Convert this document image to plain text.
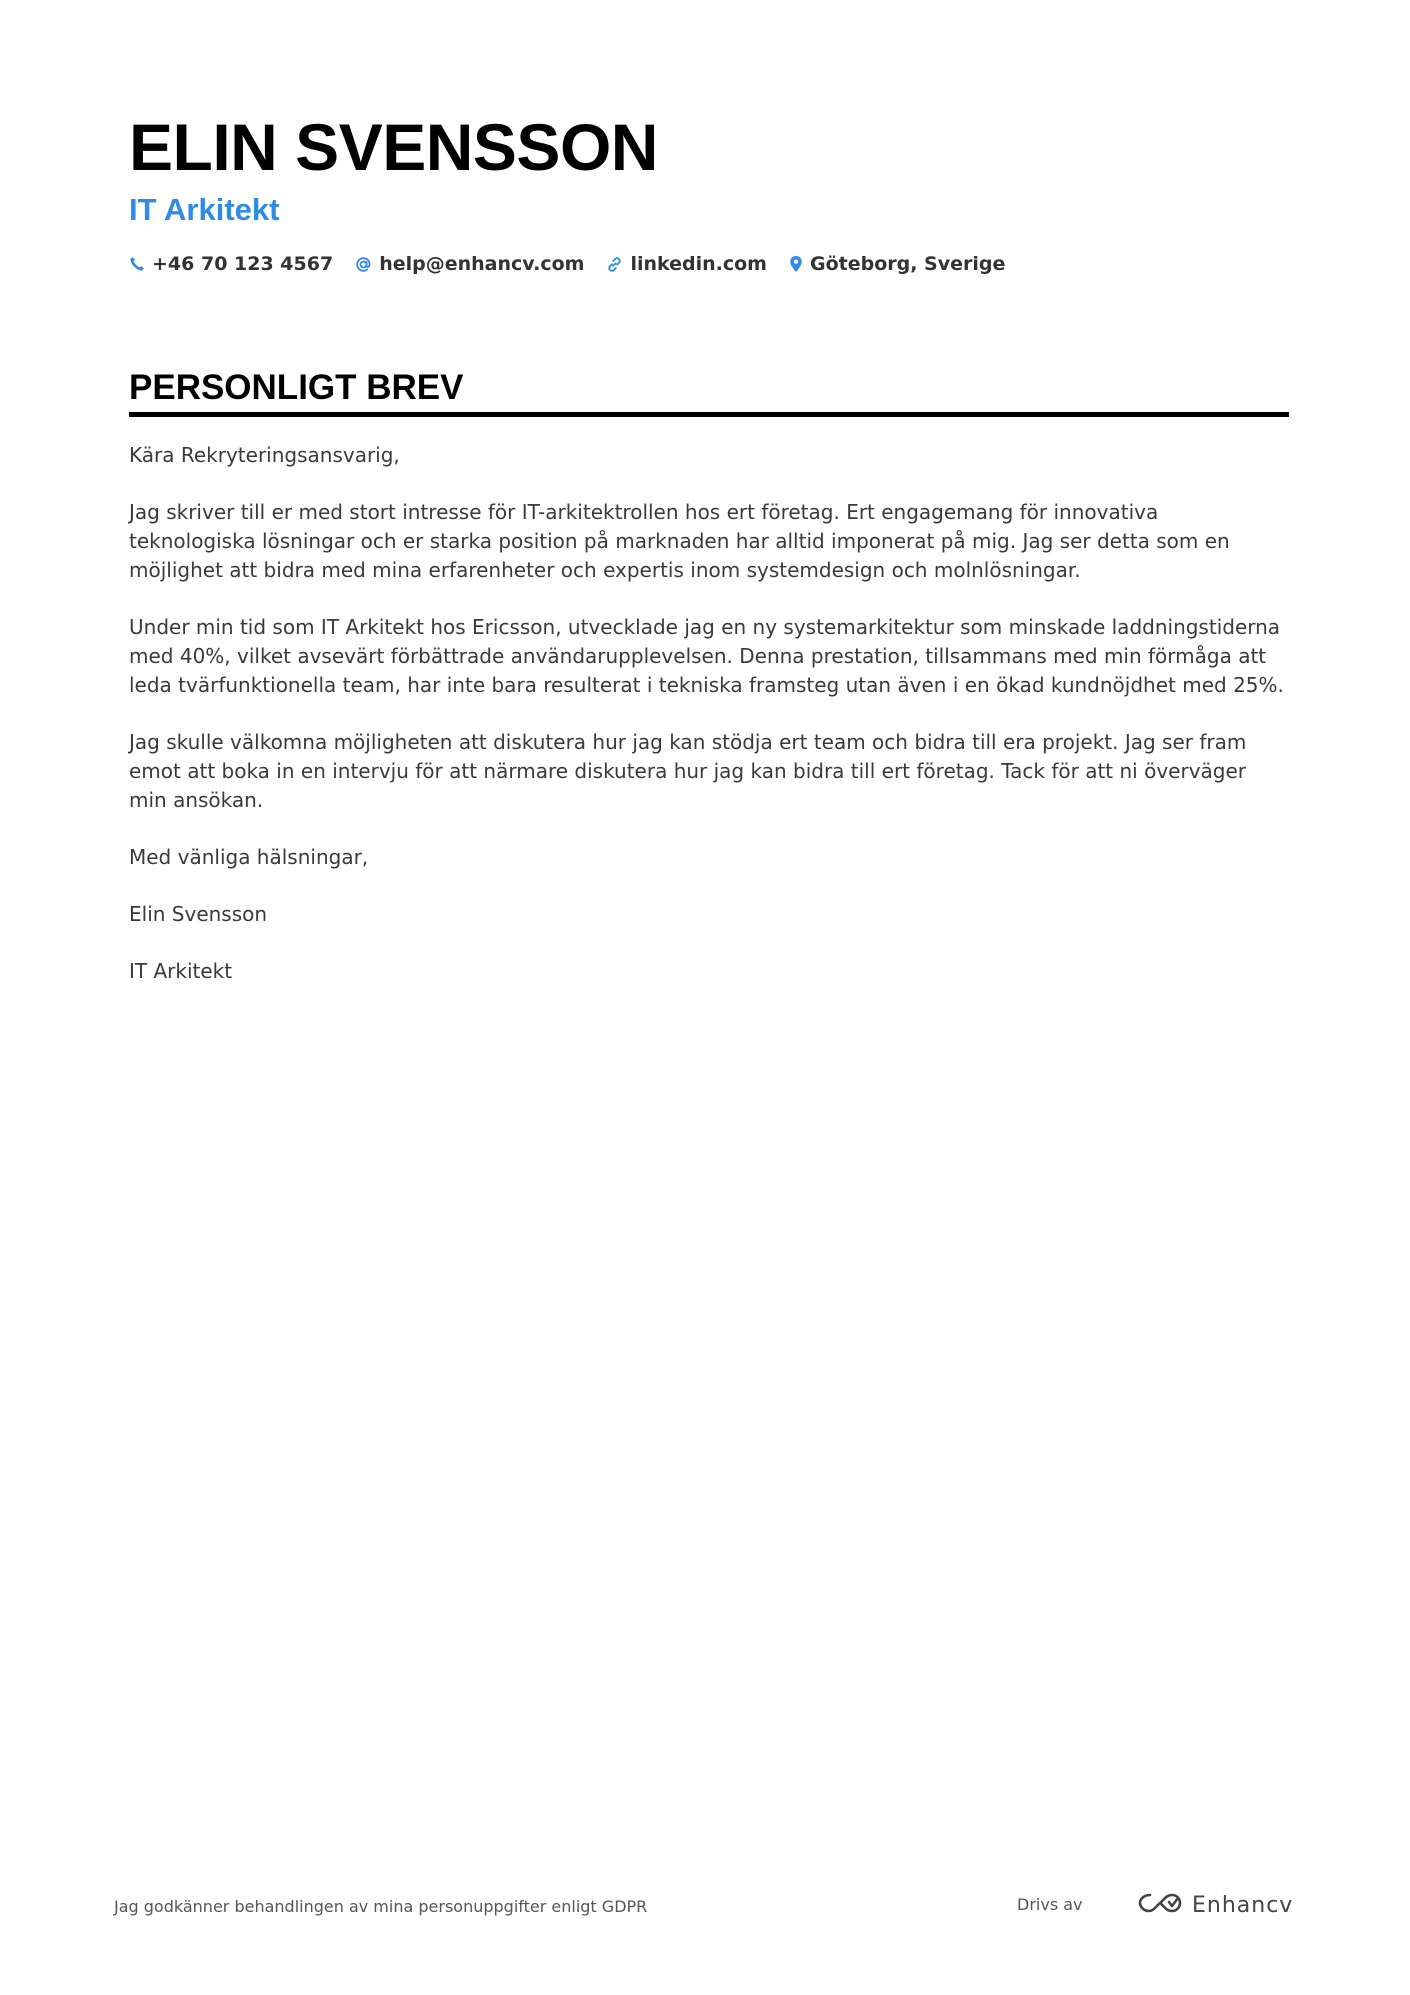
ELIN SVENSSON
IT Arkitekt
+46 70 123 4567 help@enhancv.com linkedin.com Göteborg, Sverige
PERSONLIGT BREV

Kära Rekryteringsansvarig,

Jag skriver till er med stort intresse för IT-arkitektrollen hos ert företag. Ert engagemang för innovativa teknologiska lösningar och er starka position på marknaden har alltid imponerat på mig. Jag ser detta som en möjlighet att bidra med mina erfarenheter och expertis inom systemdesign och molnlösningar.

Under min tid som IT Arkitekt hos Ericsson, utvecklade jag en ny systemarkitektur som minskade laddningstiderna med 40%, vilket avsevärt förbättrade användarupplevelsen. Denna prestation, tillsammans med min förmåga att leda tvärfunktionella team, har inte bara resulterat i tekniska framsteg utan även i en ökad kundnöjdhet med 25%.

Jag skulle välkomna möjligheten att diskutera hur jag kan stödja ert team och bidra till era projekt. Jag ser fram emot att boka in en intervju för att närmare diskutera hur jag kan bidra till ert företag. Tack för att ni överväger min ansökan.

Med vänliga hälsningar,

Elin Svensson

IT Arkitekt

Jag godkänner behandlingen av mina personuppgifter enligt GDPR	Drivs av	Enhancv
